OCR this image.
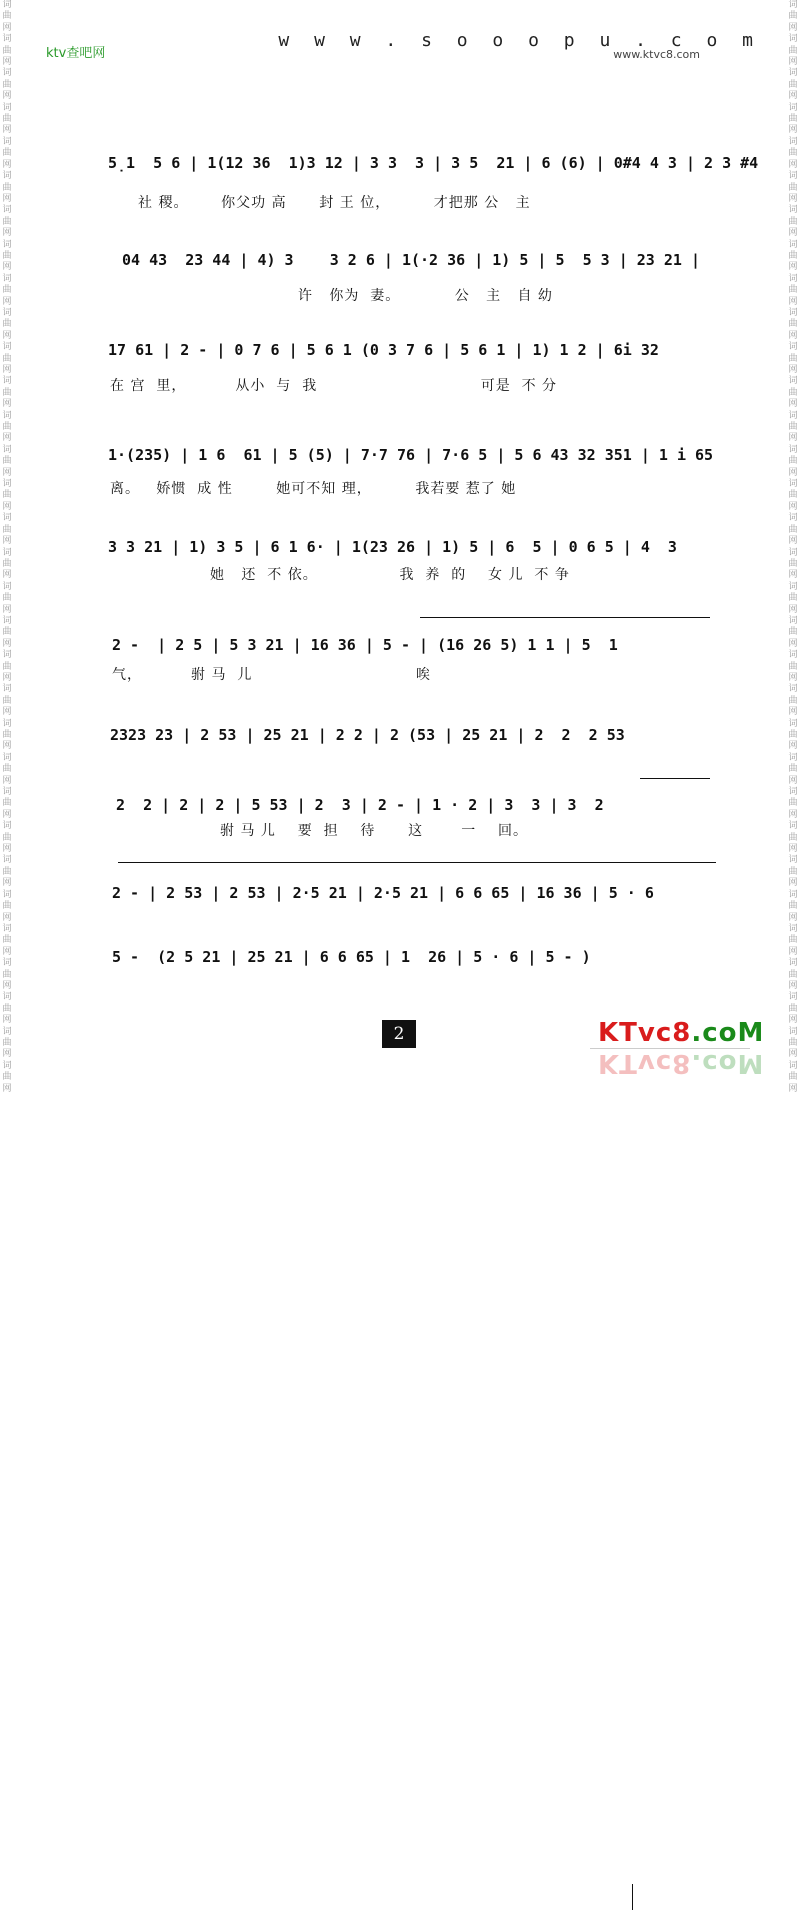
词
曲
网
词
曲
网
词
曲
网
词
曲
网
词
曲
网
词
曲
网
词
曲
网
词
曲
网
词
曲
网
词
曲
网
词
曲
网
词
曲
网
词
曲
网
词
曲
网
词
曲
网
词
曲
网
词
曲
网
词
曲
网
词
曲
网
词
曲
网
词
曲
网
词
曲
网
词
曲
网
词
曲
网
词
曲
网
词
曲
网
词
曲
网
词
曲
网
词
曲
网
词
曲
网
词
曲
网
词
曲
网
词
曲
网
词
曲
网
词
曲
网
词
曲
网
词
曲
网
词
曲
网
词
曲
网
词
曲
网
词
曲
网
词
曲
网
词
曲
网
词
曲
网
词
曲
网
词
曲
网
词
曲
网
词
曲
网
词
曲
网
词
曲
网
词
曲
网
词
曲
网
词
曲
网
词
曲
网
词
曲
网
词
曲
网
词
曲
网
词
曲
网
词
曲
网
词
曲
网
词
曲
网
词
曲
网
词
曲
网
词
曲
网
ktv查吧网
w w w . s o o o p u . c o m
www.ktvc8.com
5̣1  5 6 | 1(12 36  1)3 12 | 3 3  3 | 3 5  21 | 6 (6) | 0#4 4 3 | 2 3 #4
社 稷。      你父功 高      封 王 位，        才把那 公   主
04 43  23 44 | 4) 3    3 2 6 | 1(·2 36 | 1) 5 | 5  5 3 | 23 21 |
许   你为  妻。          公   主   自 幼
17 61 | 2 - | 0 7 6 | 5 6 1 (0 3 7 6 | 5 6 1 | 1) 1 2 | 6i 32
在 宫  里，         从小  与  我                              可是  不 分
1·(235) | 1 6  61 | 5 (5) | 7·7 76 | 7·6 5 | 5 6 43 32 351 | 1 i 65
离。   娇惯  成 性        她可不知 理，        我若要 惹了 她
3 3 21 | 1) 3 5 | 6 1 6· | 1(23 26 | 1) 5 | 6  5 | 0 6 5 | 4  3
她   还  不 依。               我  养  的    女 儿  不 争
2 -  | 2 5 | 5 3 21 | 16 36 | 5 - | (16 26 5) 1 1 | 5  1
气，         驸 马  儿                              唉
2323 23 | 2 53 | 25 21 | 2 2 | 2 (53 | 25 21 | 2  2  2 53
2  2 | 2 | 2 | 5 53 | 2  3 | 2 - | 1 · 2 | 3  3 | 3  2
驸 马 儿    要  担    待      这       一    回。
2 - | 2 53 | 2 53 | 2·5 21 | 2·5 21 | 6 6 65 | 16 36 | 5 · 6
5 -  (2 5 21 | 25 21 | 6 6 65 | 1  26 | 5 · 6 | 5 - )
2	KTvc8.coM
KTvc8.coM
